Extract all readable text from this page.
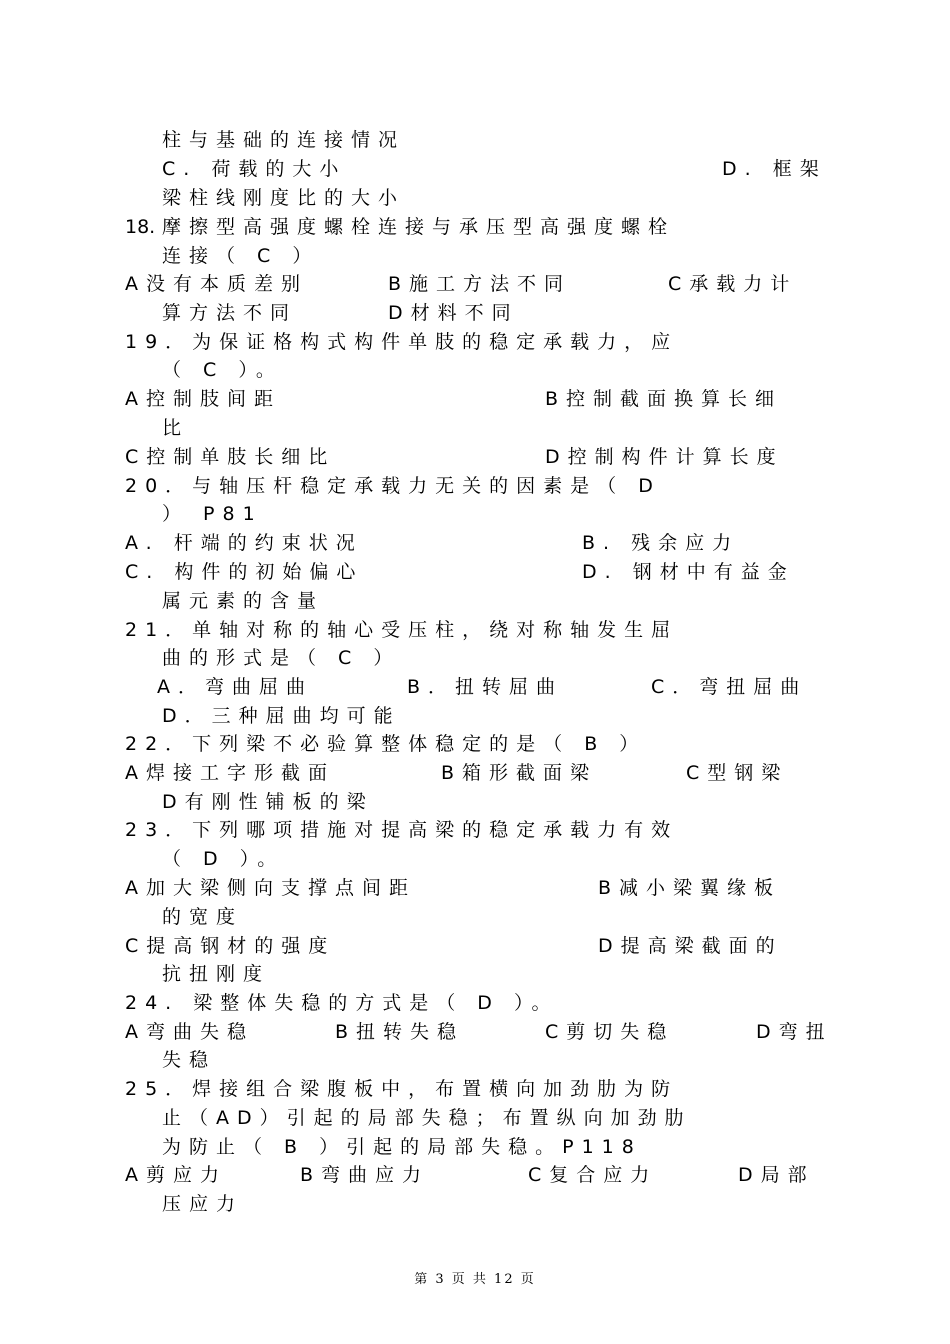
柱与基础的连接情况
C. 荷载的大小	D. 框架
梁柱线刚度比的大小
18. 摩擦型高强度螺栓连接与承压型高强度螺栓
连接（ C ）
A没有本质差别	B施工方法不同	C承载力计
算方法不同	D材料不同
19．为保证格构式构件单肢的稳定承载力，应
（ C ）。
A控制肢间距	B控制截面换算长细
比
C控制单肢长细比	D控制构件计算长度
20．与轴压杆稳定承载力无关的因素是（ D
） P81
A. 杆端的约束状况	B. 残余应力
C. 构件的初始偏心	D. 钢材中有益金
属元素的含量
21．单轴对称的轴心受压柱，绕对称轴发生屈
曲的形式是（ C ）
A．弯曲屈曲	B．扭转屈曲	C．弯扭屈曲
D．三种屈曲均可能
22．下列梁不必验算整体稳定的是（ B ）
A焊接工字形截面	B箱形截面梁	C型钢梁
D有刚性铺板的梁
23．下列哪项措施对提高梁的稳定承载力有效
（ D ）。
A加大梁侧向支撑点间距	B减小梁翼缘板
的宽度
C提高钢材的强度	D提高梁截面的
抗扭刚度
24. 梁整体失稳的方式是（ D ）。
A弯曲失稳	B扭转失稳	C剪切失稳	D弯扭
失稳
25．焊接组合梁腹板中，布置横向加劲肋为防
止（AD）引起的局部失稳；布置纵向加劲肋
为防止（ B ）引起的局部失稳。P118
A剪应力	B弯曲应力	C复合应力	D局部
压应力
第 3 页 共 12 页
